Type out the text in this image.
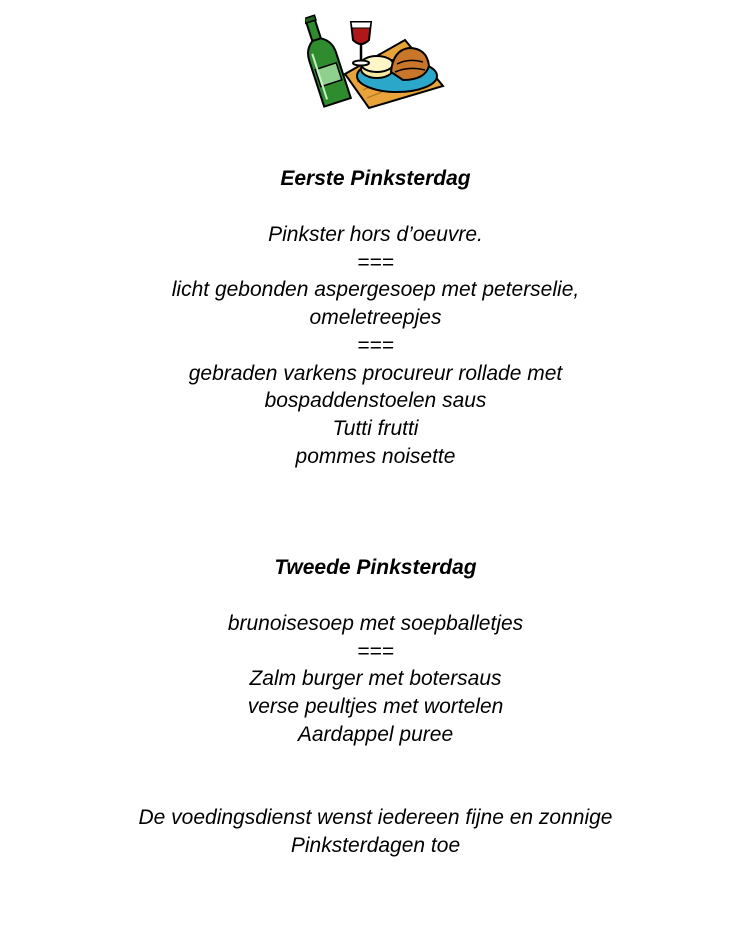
Eerste Pinksterdag
Pinkster hors d’oeuvre.
===
licht gebonden aspergesoep met peterselie,
omeletreepjes
===
gebraden varkens procureur rollade met
bospaddenstoelen saus
Tutti frutti
pommes noisette
Tweede Pinksterdag
brunoisesoep met soepballetjes
===
Zalm burger met botersaus
verse peultjes met wortelen
Aardappel puree
De voedingsdienst wenst iedereen fijne en zonnige
Pinksterdagen toe
